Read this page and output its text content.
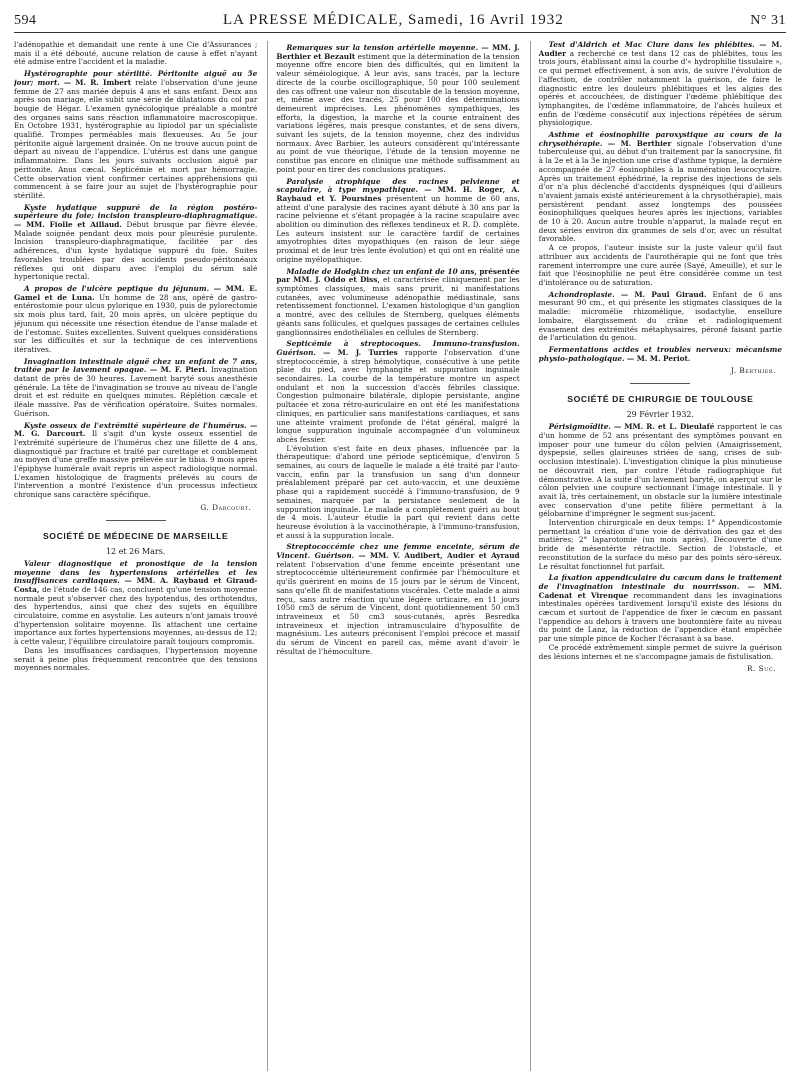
594	LA PRESSE MÉDICALE, Samedi, 16 Avril 1932	N° 31

l'adénopathie et demandait une rente à une Cie d'Assurances ; mais il a été débouté, aucune relation de cause à effet n'ayant été admise entre l'accident et la maladie.

Hystérographie pour stérilité. Péritonite aiguë au 5e jour; mort. — M. R. Imbert relate l'observation d'une jeune femme de 27 ans mariée depuis 4 ans et sans enfant. Deux ans après son mariage, elle subit une série de dilatations du col par bougie de Hégar. L'examen gynécologique préalable a montré des organes sains sans réaction inflammatoire macroscopique. En Octobre 1931, hystérographie au lipiodol par un spécialiste qualifié. Trompes perméables mais flexueuses. Au 5e jour péritonite aiguë largement drainée. On ne trouve aucun point de départ au niveau de l'appendice. L'utérus est dans une gangue inflammatoire. Dans les jours suivants occlusion aiguë par péritonite. Anus cæcal. Septicémie et mort par hémorragie. Cette observation vient confirmer certaines appréhensions qui commencent à se faire jour au sujet de l'hystérographie pour stérilité.

Kyste hydatique suppuré de la région postéro-supérieure du foie; incision transpleuro-diaphragmatique. — MM. Fiolle et Aillaud. Début brusque par fièvre élevée. Malade soignée pendant deux mois pour pleurésie purulente. Incision transpleuro-diaphragmatique, facilitée par des adhérences, d'un kyste hydatique suppuré du foie. Suites favorables troublées par des accidents pseudo-péritonéaux réflexes qui ont disparu avec l'emploi du sérum salé hypertonique rectal.

A propos de l'ulcère peptique du jéjunum. — MM. E. Gamel et de Luna. Un homme de 28 ans, opéré de gastro-entérostomie pour ulcus pylorique en 1930, puis de pylorectomie six mois plus tard, fait, 20 mois après, un ulcère peptique du jéjunum qui nécessite une résection étendue de l'anse malade et de l'estomac. Suites excellentes. Suivent quelques considérations sur les difficultés et sur la technique de ces interventions itératives.

Invagination intestinale aiguë chez un enfant de 7 ans, traitée par le lavement opaque. — M. F. Pieri. Invagination datant de près de 30 heures. Lavement baryté sous anesthésie générale. La tête de l'invagination se trouve au niveau de l'angle droit et est réduite en quelques minutes. Réplétion cæcale et iléale massive. Pas de vérification opératoire. Suites normales. Guérison.

Kyste osseux de l'extrémité supérieure de l'humérus. — M. G. Darcourt. Il s'agit d'un kyste osseux essentiel de l'extrémité supérieure de l'humérus chez une fillette de 4 ans, diagnostiqué par fracture et traité par curettage et comblement au moyen d'une greffe massive prélevée sur le tibia. 9 mois après l'épiphyse humérale avait repris un aspect radiologique normal. L'examen histologique de fragments prélevés au cours de l'intervention a montré l'existence d'un processus infectieux chronique sans caractère spécifique.

G. Darcourt.
SOCIÉTÉ DE MÉDECINE DE MARSEILLE
12 et 26 Mars.

Valeur diagnostique et pronostique de la tension moyenne dans les hypertensions artérielles et les insuffisances cardiaques. — MM. A. Raybaud et Giraud-Costa, de l'étude de 146 cas, concluent qu'une tension moyenne normale peut s'observer chez des hypotendus, des orthotendus, des hypertendus, ainsi que chez des sujets en équilibre circulatoire, comme en asystolie. Les auteurs n'ont jamais trouvé d'hypertension solitaire moyenne. Ils attachent une certaine importance aux fortes hypertensions moyennes, au-dessus de 12; à cette valeur, l'équilibre circulatoire paraît toujours compromis.

Dans les insuffisances cardiaques, l'hypertension moyenne serait à peine plus fréquemment rencontrée que des tensions moyennes normales.

Remarques sur la tension artérielle moyenne. — MM. J. Berthier et Bezault estiment que la détermination de la tension moyenne offre encore bien des difficultés, qui en limitent la valeur séméiologique. A leur avis, sans tracés, par la lecture directe de la courbe oscillographique, 50 pour 100 seulement des cas offrent une valeur non discutable de la tension moyenne, et, même avec des tracés, 25 pour 100 des déterminations demeurent imprécises. Les phénomènes sympathiques, les efforts, la digestion, la marche et la course entraînent des variations légères, mais presque constantes, et de sens divers, suivant les sujets, de la tension moyenne, chez des individus normaux. Avec Barbier, les auteurs considèrent qu'intéressante au point de vue théorique, l'étude de la tension moyenne ne constitue pas encore en clinique une méthode suffisamment au point pour en tirer des conclusions pratiques.

Paralysie atrophique des racines pelvienne et scapulaire, à type myopathique. — MM. H. Roger, A. Raybaud et Y. Poursines présentent un homme de 60 ans, atteint d'une paralysie des racines ayant débuté à 30 ans par la racine pelvienne et s'étant propagée à la racine scapulaire avec abolition ou diminution des réflexes tendineux et R. D. complète. Les auteurs insistent sur le caractère tardif de certaines amyotrophies dites myopathiques (en raison de leur siège proximal et de leur très lente évolution) et qui ont en réalité une origine myélopathique.

Maladie de Hodgkin chez un enfant de 10 ans, présentée par MM. J. Oddo et Diss, et caractérisée cliniquement par les symptômes classiques, mais sans prurit, ni manifestations cutanées, avec volumineuse adénopathie médiastinale, sans retentissement fonctionnel. L'examen histologique d'un ganglion a montré, avec des cellules de Sternberg, quelques éléments géants sans follicules, et quelques passages de certaines cellules ganglionnaires endothéliales en cellules de Sternberg.

Septicémie à streptocoques. Immuno-transfusion. Guérison. — M. J. Turries rapporte l'observation d'une streptococcémie, à strep hémolytique, consécutive à une petite plaie du pied, avec lymphangite et suppuration inguinale secondaires. La courbe de la température montre un aspect ondulant et non la succession d'accès fébriles classique. Congestion pulmonaire bilatérale, diplopie persistante, angine pultacée et zona rétro-auriculaire en ont été les manifestations cliniques, en particulier sans manifestations cardiaques, et sans une atteinte vraiment profonde de l'état général, malgré la longue suppuration inguinale accompagnée d'un volumineux abcès fessier.

L'évolution s'est faite en deux phases, influencée par la thérapeutique: d'abord une période septicémique, d'environ 5 semaines, au cours de laquelle le malade a été traité par l'auto-vaccin, enfin par la transfusion un sang d'un donneur préalablement préparé par cet auto-vaccin, et une deuxième phase qui a rapidement succédé à l'immuno-transfusion, de 9 semaines, marquée par la persistance seulement de la suppuration inguinale. Le malade a complètement guéri au bout de 4 mois. L'auteur étudie la part qui revient dans cette heureuse évolution à la vaccinothérapie, à l'immuno-transfusion, et aussi à la suppuration locale.

Streptococcémie chez une femme enceinte, sérum de Vincent. Guérison. — MM. V. Audibert, Audier et Ayraud relatent l'observation d'une femme enceinte présentant une streptococcémie ultérieurement confirmée par l'hémoculture et qu'ils guérirent en moins de 15 jours par le sérum de Vincent, sans qu'elle fît de manifestations viscérales. Cette malade a ainsi reçu, sans autre réaction qu'une légère urticaire, en 11 jours 1050 cm3 de sérum de Vincent, dont quotidiennement 50 cm3 intraveineux et 50 cm3 sous-cutanés, après Besredka intraveineux et injection intramusculaire d'hyposulfite de magnésium. Les auteurs préconisent l'emploi précoce et massif du sérum de Vincent en pareil cas, même avant d'avoir le résultat de l'hémoculture.

Test d'Aldrich et Mac Clure dans les phlébites. — M. Audier a recherché ce test dans 12 cas de phlébites, tous les trois jours, établissant ainsi la courbe d'« hydrophilie tissulaire », ce qui permet effectivement, à son avis, de suivre l'évolution de l'affection, de contrôler notamment la guérison, de faire le diagnostic entre les douleurs phlébitiques et les algies des opérés et accouchées, de distinguer l'œdème phlébitique des lymphangites, de l'œdème inflammatoire, de l'abcès huileux et enfin de l'œdème consécutif aux injections répétées de sérum physiologique.

Asthme et éosinophilie paroxystique au cours de la chrysothérapie. — M. Berthier signale l'observation d'une tuberculeuse qui, au début d'un traitement par la sanocrysine, fit à la 2e et à la 3e injection une crise d'asthme typique, la dernière accompagnée de 27 éosinophiles à la numération leucocytaire. Après un traitement éphédriné, la reprise des injections de sels d'or n'a plus déclenché d'accidents dyspnéiques (qui d'ailleurs n'avaient jamais existé antérieurement à la chrysothérapie), mais persistèrent pendant assez longtemps des poussées éosinophiliques quelques heures après les injections, variables de 10 à 20. Aucun autre trouble n'apparut, la malade reçut en deux séries environ dix grammes de sels d'or, avec un résultat favorable.

A ce propos, l'auteur insiste sur la juste valeur qu'il faut attribuer aux accidents de l'aurothérapie qui ne font que très rarement interrompre une cure aurée (Sayé, Ameuille), et sur le fait que l'éosinophilie ne peut être considérée comme un test d'intolérance ou de saturation.

Achondroplasie. — M. Paul Giraud. Enfant de 6 ans mesurant 90 cm., et qui présente les stigmates classiques de la maladie: micromélie rhizomélique, isodactylie, ensellure lombaire, élargissement du crâne et radiologiquement évasement des extrémités métaphysaires, péroné faisant partie de l'articulation du genou.

Fermentations acides et troubles nerveux: mécanisme physio-pathologique. — M. M. Periot.

J. Berthier.
SOCIÉTÉ DE CHIRURGIE DE TOULOUSE
29 Février 1932.

Périsigmoïdite. — MM. R. et L. Dieulafé rapportent le cas d'un homme de 52 ans présentant des symptômes pouvant en imposer pour une tumeur du côlon pelvien (Amaigrissement, dyspepsie, selles glaireuses striées de sang, crises de sub-occlusion intestinale). L'investigation clinique la plus minutieuse ne découvrait rien, par contre l'étude radiographique fut démonstrative. A la suite d'un lavement baryté, on aperçut sur le côlon pelvien une coupure sectionnant l'image intestinale. Il y avait là, très certainement, un obstacle sur la lumière intestinale avec conservation d'une petite filière permettant à la gélobarnine d'imprégner le segment sus-jacent.

Intervention chirurgicale en deux temps: 1° Appendicostomie permettant la création d'une voie de dérivation des gaz et des matières; 2° laparotomie (un mois après). Découverte d'une bride de mésentérite rétractile. Section de l'obstacle, et reconstitution de la surface du méso par des points séro-séreux. Le résultat fonctionnel fut parfait.

La fixation appendiculaire du cæcum dans le traitement de l'invagination intestinale du nourrisson. — MM. Cadenat et Virenque recommandent dans les invaginations intestinales opérées tardivement lorsqu'il existe des lésions du cæcum et surtout de l'appendice de fixer le cæcum en passant l'appendice au dehors à travers une boutonnière faite au niveau du point de Lanz, la réduction de l'appendice étant empêchée par une simple pince de Kocher l'écrasant à sa base.

Ce procédé extrêmement simple permet de suivre la guérison des lésions internes et ne s'accompagne jamais de fistulisation.

R. Suc.
